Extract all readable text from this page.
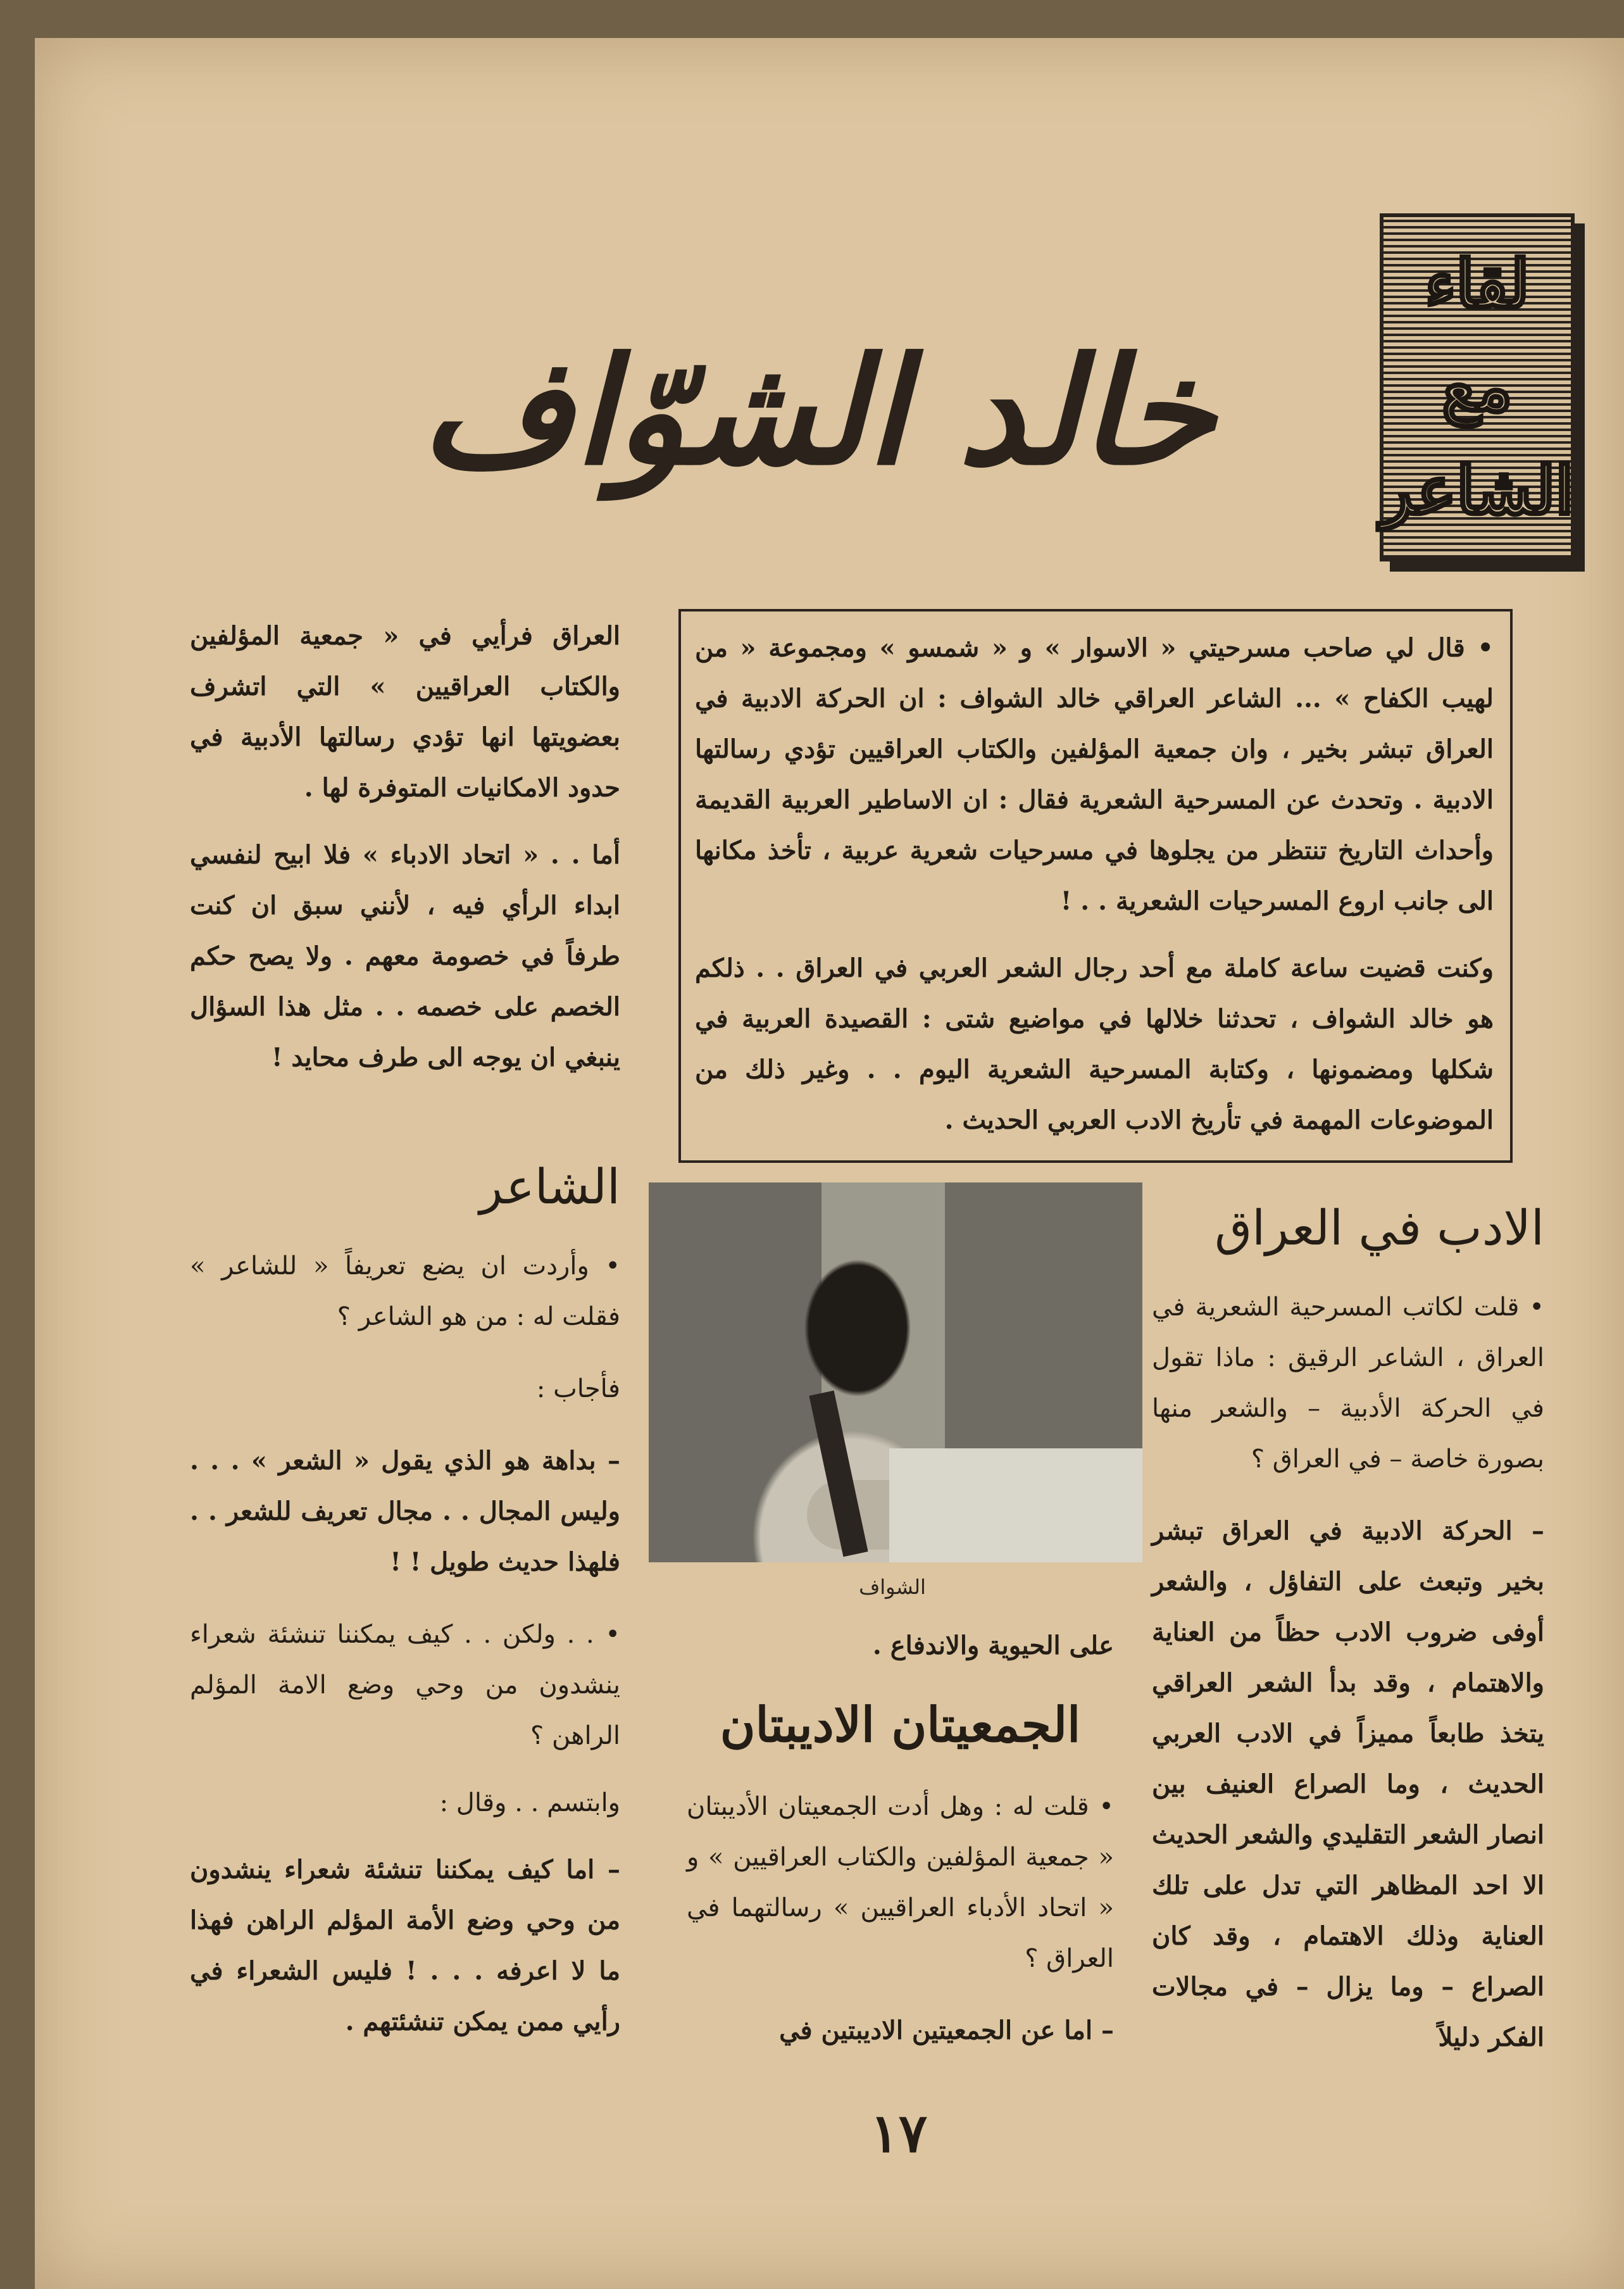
لقاء
مع
الشاعر
خالد الشوّاف

• قال لي صاحب مسرحيتي « الاسوار » و « شمسو » ومجموعة « من لهيب الكفاح » ... الشاعر العراقي خالد الشواف : ان الحركة الادبية في العراق تبشر بخير ، وان جمعية المؤلفين والكتاب العراقيين تؤدي رسالتها الادبية . وتحدث عن المسرحية الشعرية فقال : ان الاساطير العربية القديمة وأحداث التاريخ تنتظر من يجلوها في مسرحيات شعرية عربية ، تأخذ مكانها الى جانب اروع المسرحيات الشعرية . . !

وكنت قضيت ساعة كاملة مع أحد رجال الشعر العربي في العراق . . ذلكم هو خالد الشواف ، تحدثنا خلالها في مواضيع شتى : القصيدة العربية في شكلها ومضمونها ، وكتابة المسرحية الشعرية اليوم . . وغير ذلك من الموضوعات المهمة في تأريخ الادب العربي الحديث .

العراق فرأيي في « جمعية المؤلفين والكتاب العراقيين » التي اتشرف بعضويتها انها تؤدي رسالتها الأدبية في حدود الامكانيات المتوفرة لها .

أما . . « اتحاد الادباء » فلا ابيح لنفسي ابداء الرأي فيه ، لأنني سبق ان كنت طرفاً في خصومة معهم . ولا يصح حكم الخصم على خصمه . . مثل هذا السؤال ينبغي ان يوجه الى طرف محايد !

الشاعر

• وأردت ان يضع تعريفاً « للشاعر » فقلت له : من هو الشاعر ؟

فأجاب :

– بداهة هو الذي يقول « الشعر » . . . وليس المجال . . مجال تعريف للشعر . . فلهذا حديث طويل ! !

• . . ولكن . . كيف يمكننا تنشئة شعراء ينشدون من وحي وضع الامة المؤلم الراهن ؟

وابتسم . . وقال :

– اما كيف يمكننا تنشئة شعراء ينشدون من وحي وضع الأمة المؤلم الراهن فهذا ما لا اعرفه . . . ! فليس الشعراء في رأيي ممن يمكن تنشئتهم .

الشواف
على الحيوية والاندفاع .
الجمعيتان الاديبتان

• قلت له : وهل أدت الجمعيتان الأديبتان « جمعية المؤلفين والكتاب العراقيين » و « اتحاد الأدباء العراقيين » رسالتهما في العراق ؟

– اما عن الجمعيتين الاديبتين في

الادب في العراق

• قلت لكاتب المسرحية الشعرية في العراق ، الشاعر الرقيق : ماذا تقول في الحركة الأدبية – والشعر منها بصورة خاصة – في العراق ؟

– الحركة الادبية في العراق تبشر بخير وتبعث على التفاؤل ، والشعر أوفى ضروب الادب حظاً من العناية والاهتمام ، وقد بدأ الشعر العراقي يتخذ طابعاً مميزاً في الادب العربي الحديث ، وما الصراع العنيف بين انصار الشعر التقليدي والشعر الحديث الا احد المظاهر التي تدل على تلك العناية وذلك الاهتمام ، وقد كان الصراع – وما يزال – في مجالات الفكر دليلاً

١٧
